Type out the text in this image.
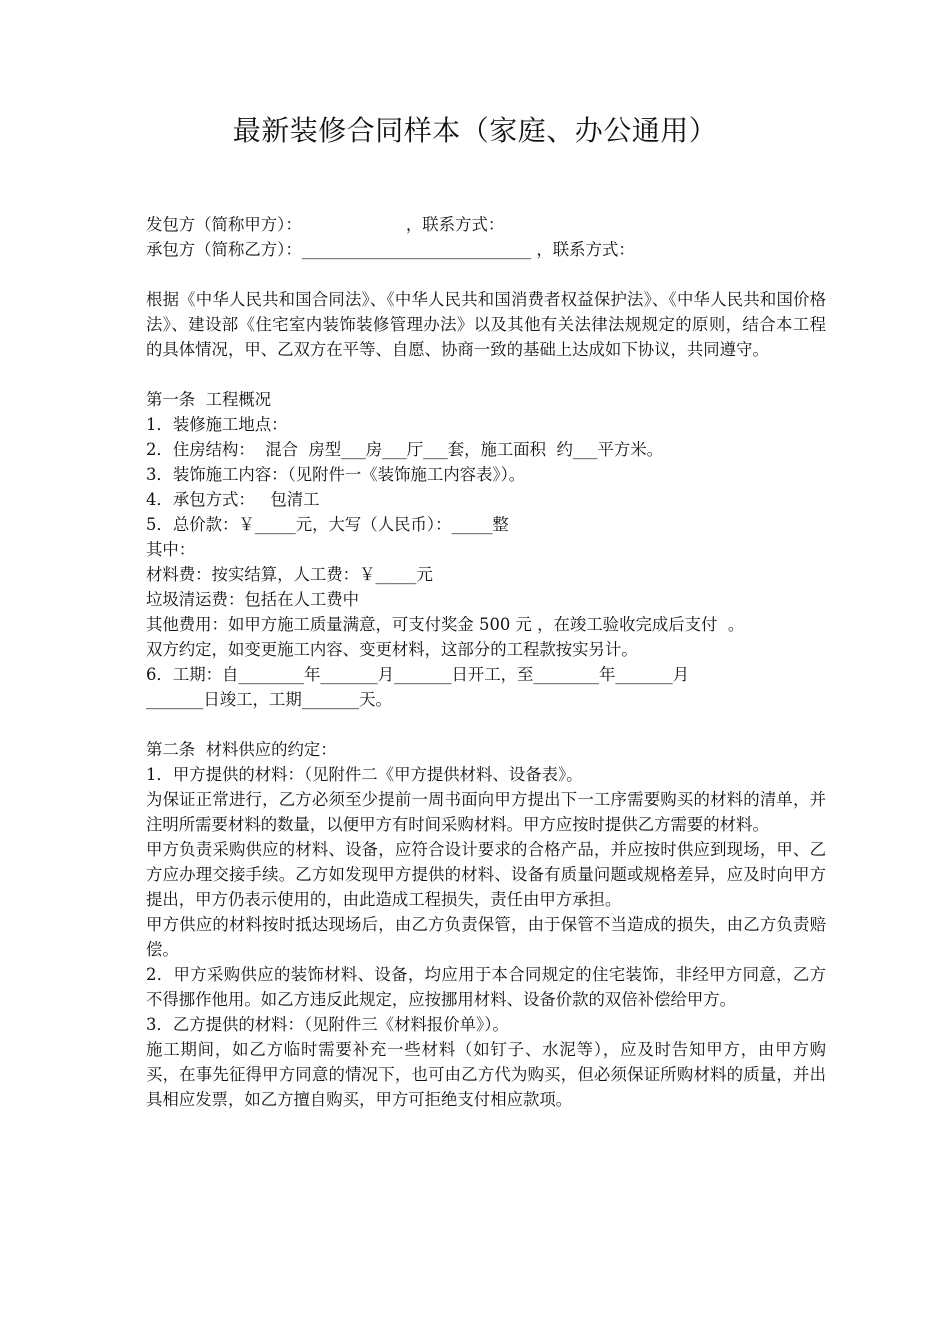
最新装修合同样本（家庭、办公通用）

发包方（简称甲方）：                    ，联系方式：

承包方（简称乙方）：____________________________ ，联系方式：

根据《中华人民共和国合同法》、《中华人民共和国消费者权益保护法》、《中华人民共和国价格法》、建设部《住宅室内装饰装修管理办法》以及其他有关法律法规规定的原则，结合本工程的具体情况，甲、乙双方在平等、自愿、协商一致的基础上达成如下协议，共同遵守。

第一条  工程概况

1．装修施工地点：

2．住房结构：  混合  房型___房___厅___套，施工面积  约___平方米。

3．装饰施工内容：（见附件一《装饰施工内容表》）。

4．承包方式：   包清工

5．总价款：￥_____元，大写（人民币）：_____整

其中：

材料费：按实结算，人工费：￥_____元

垃圾清运费：包括在人工费中

其他费用：如甲方施工质量满意，可支付奖金 500 元 ，在竣工验收完成后支付  。

双方约定，如变更施工内容、变更材料，这部分的工程款按实另计。

6．工期：自________年_______月_______日开工，至________年_______月

_______日竣工，工期_______天。

第二条  材料供应的约定：

1．甲方提供的材料：（见附件二《甲方提供材料、设备表》。

为保证正常进行，乙方必须至少提前一周书面向甲方提出下一工序需要购买的材料的清单，并注明所需要材料的数量，以便甲方有时间采购材料。甲方应按时提供乙方需要的材料。

甲方负责采购供应的材料、设备，应符合设计要求的合格产品，并应按时供应到现场，甲、乙方应办理交接手续。乙方如发现甲方提供的材料、设备有质量问题或规格差异，应及时向甲方提出，甲方仍表示使用的，由此造成工程损失，责任由甲方承担。

甲方供应的材料按时抵达现场后，由乙方负责保管，由于保管不当造成的损失，由乙方负责赔偿。

2．甲方采购供应的装饰材料、设备，均应用于本合同规定的住宅装饰，非经甲方同意，乙方不得挪作他用。如乙方违反此规定，应按挪用材料、设备价款的双倍补偿给甲方。

3．乙方提供的材料：（见附件三《材料报价单》）。

施工期间，如乙方临时需要补充一些材料（如钉子、水泥等），应及时告知甲方，由甲方购买，在事先征得甲方同意的情况下，也可由乙方代为购买，但必须保证所购材料的质量，并出具相应发票，如乙方擅自购买，甲方可拒绝支付相应款项。
